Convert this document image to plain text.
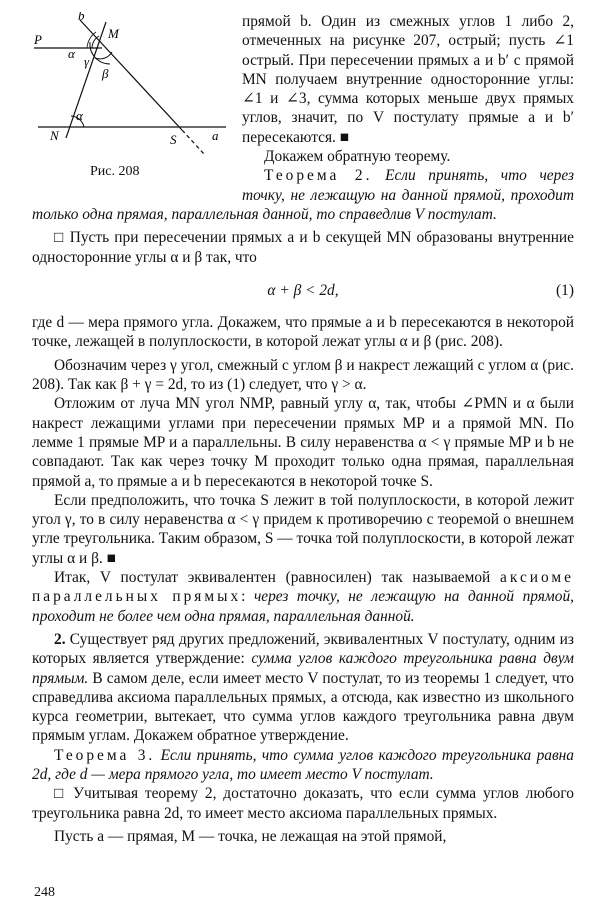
b
M
P
α
γ
β
α
N	S	a
Рис. 208

прямой b. Один из смежных углов 1 либо 2, отмеченных на рисунке 207, острый; пусть ∠1 острый. При пересечении прямых a и b′ с прямой MN получаем внутренние односторонние углы: ∠1 и ∠3, сумма которых меньше двух прямых углов, значит, по V постулату прямые a и b′ пересекаются. ■

Докажем обратную теорему.

Теорема 2. Если принять, что через точку, не лежащую на данной прямой, проходит только одна прямая, параллельная данной, то справедлив V постулат.

□ Пусть при пересечении прямых a и b секущей MN образованы внутренние односторонние углы α и β так, что

α + β < 2d,	(1)

где d — мера прямого угла. Докажем, что прямые a и b пересекаются в некоторой точке, лежащей в полуплоскости, в которой лежат углы α и β (рис. 208).

Обозначим через γ угол, смежный с углом β и накрест лежащий с углом α (рис. 208). Так как β + γ = 2d, то из (1) следует, что γ > α.

Отложим от луча MN угол NMP, равный углу α, так, чтобы ∠PMN и α были накрест лежащими углами при пересечении прямых MP и a прямой MN. По лемме 1 прямые MP и a параллельны. В силу неравенства α < γ прямые MP и b не совпадают. Так как через точку M проходит только одна прямая, параллельная прямой a, то прямые a и b пересекаются в некоторой точке S.

Если предположить, что точка S лежит в той полуплоскости, в которой лежит угол γ, то в силу неравенства α < γ придем к противоречию с теоремой о внешнем угле треугольника. Таким образом, S — точка той полуплоскости, в которой лежат углы α и β. ■

Итак, V постулат эквивалентен (равносилен) так называемой аксиоме параллельных прямых: через точку, не лежащую на данной прямой, проходит не более чем одна прямая, параллельная данной.

2. Существует ряд других предложений, эквивалентных V постулату, одним из которых является утверждение: сумма углов каждого треугольника равна двум прямым. В самом деле, если имеет место V постулат, то из теоремы 1 следует, что справедлива аксиома параллельных прямых, а отсюда, как известно из школьного курса геометрии, вытекает, что сумма углов каждого треугольника равна двум прямым углам. Докажем обратное утверждение.

Теорема 3. Если принять, что сумма углов каждого треугольника равна 2d, где d — мера прямого угла, то имеет место V постулат.

□ Учитывая теорему 2, достаточно доказать, что если сумма углов любого треугольника равна 2d, то имеет место аксиома параллельных прямых.

Пусть a — прямая, M — точка, не лежащая на этой прямой,

248
